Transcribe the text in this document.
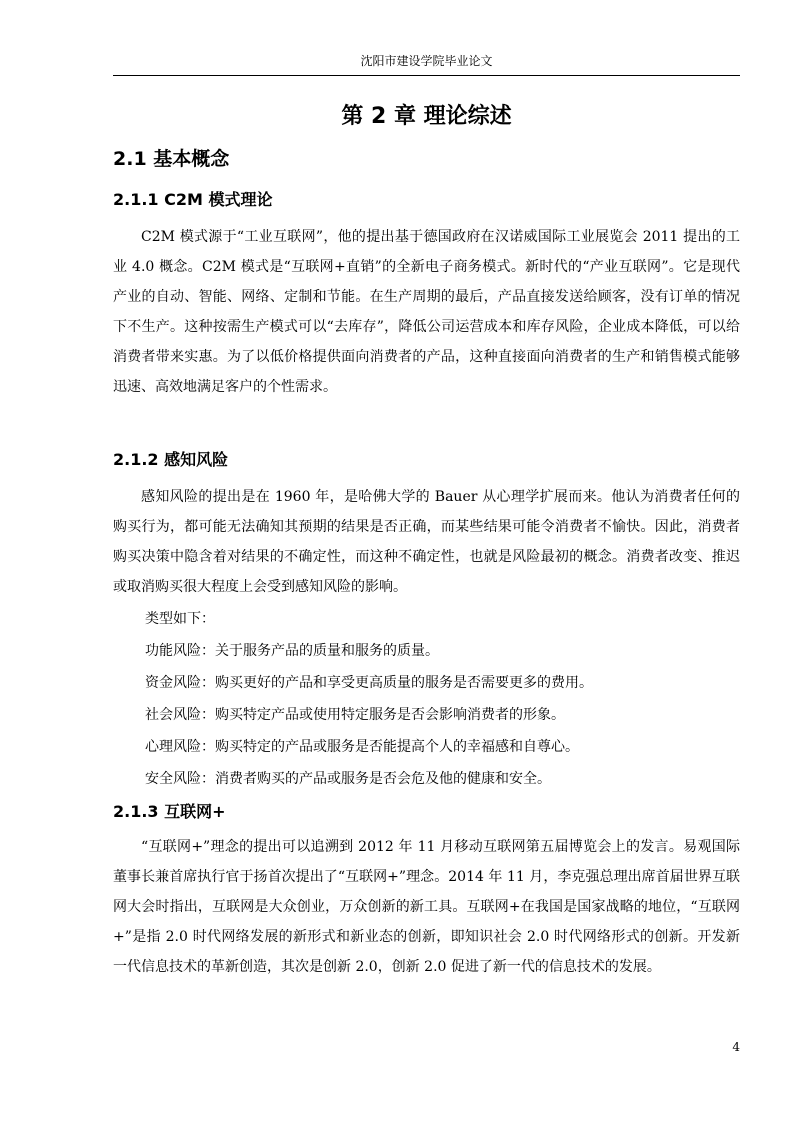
沈阳市建设学院毕业论文
第 2 章 理论综述
2.1 基本概念
2.1.1 C2M 模式理论
C2M 模式源于“工业互联网”，他的提出基于德国政府在汉诺威国际工业展览会 2011 提出的工业 4.0 概念。C2M 模式是“互联网+直销”的全新电子商务模式。新时代的“产业互联网”。它是现代产业的自动、智能、网络、定制和节能。在生产周期的最后，产品直接发送给顾客，没有订单的情况下不生产。这种按需生产模式可以“去库存”，降低公司运营成本和库存风险，企业成本降低，可以给消费者带来实惠。为了以低价格提供面向消费者的产品，这种直接面向消费者的生产和销售模式能够迅速、高效地满足客户的个性需求。
2.1.2 感知风险
感知风险的提出是在 1960 年，是哈佛大学的 Bauer 从心理学扩展而来。他认为消费者任何的购买行为，都可能无法确知其预期的结果是否正确，而某些结果可能令消费者不愉快。因此，消费者购买决策中隐含着对结果的不确定性，而这种不确定性，也就是风险最初的概念。消费者改变、推迟或取消购买很大程度上会受到感知风险的影响。
类型如下：
功能风险：关于服务产品的质量和服务的质量。
资金风险：购买更好的产品和享受更高质量的服务是否需要更多的费用。
社会风险：购买特定产品或使用特定服务是否会影响消费者的形象。
心理风险：购买特定的产品或服务是否能提高个人的幸福感和自尊心。
安全风险：消费者购买的产品或服务是否会危及他的健康和安全。
2.1.3 互联网+
“互联网+”理念的提出可以追溯到 2012 年 11 月移动互联网第五届博览会上的发言。易观国际董事长兼首席执行官于扬首次提出了“互联网+”理念。2014 年 11 月，李克强总理出席首届世界互联网大会时指出，互联网是大众创业，万众创新的新工具。互联网+在我国是国家战略的地位，“互联网+”是指 2.0 时代网络发展的新形式和新业态的创新，即知识社会 2.0 时代网络形式的创新。开发新一代信息技术的革新创造，其次是创新 2.0，创新 2.0 促进了新一代的信息技术的发展。
4
